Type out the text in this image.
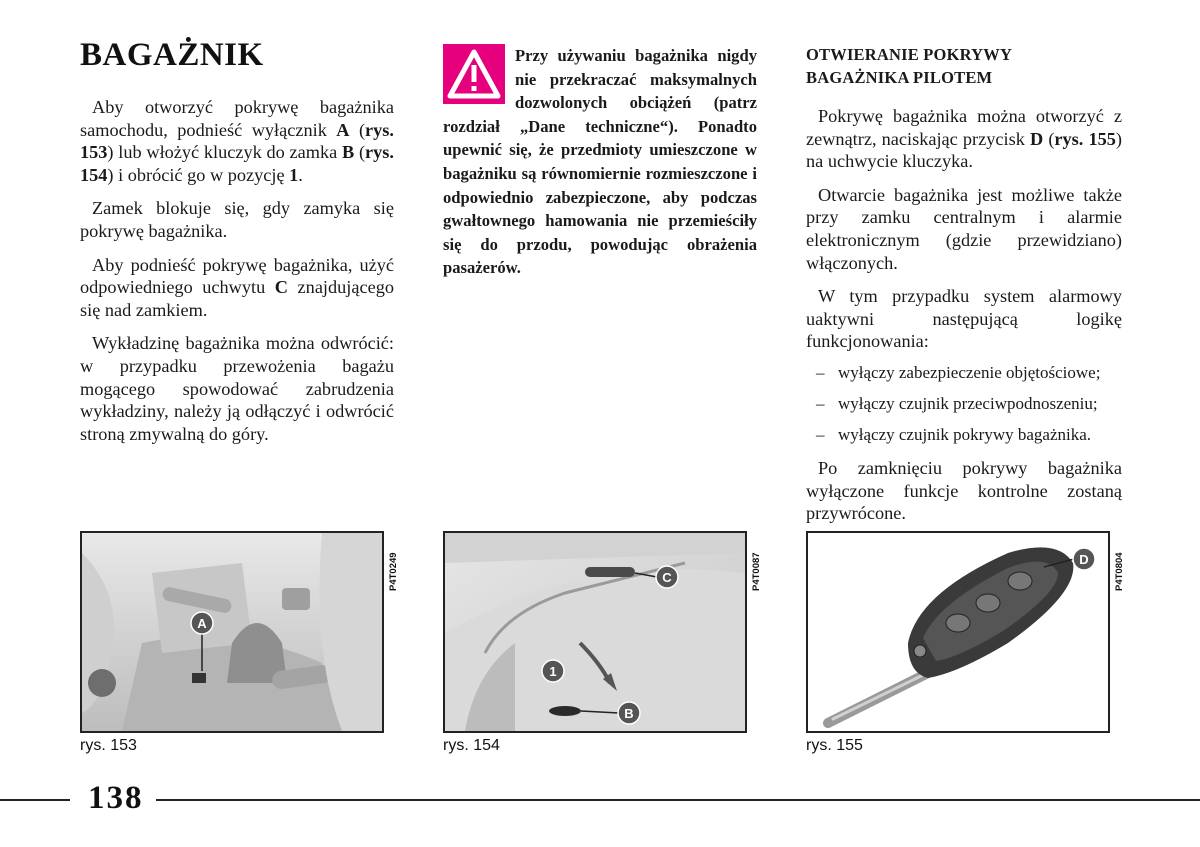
BAGAŻNIK

Aby otworzyć pokrywę bagażnika samochodu, podnieść wyłącznik A (rys. 153) lub włożyć kluczyk do zamka B (rys. 154) i obrócić go w pozycję 1.

Zamek blokuje się, gdy zamyka się pokrywę bagażnika.

Aby podnieść pokrywę bagażnika, użyć odpowiedniego uchwytu C znajdującego się nad zamkiem.

Wykładzinę bagażnika można odwrócić: w przypadku przewożenia bagażu mogącego spowodować zabrudzenia wykładziny, należy ją odłączyć i odwrócić stroną zmywalną do góry.

Przy używaniu bagażnika nigdy nie przekraczać maksymalnych dozwolonych obciążeń (patrz rozdział „Dane techniczne“). Ponadto upewnić się, że przedmioty umieszczone w bagażniku są równomiernie rozmieszczone i odpowiednio zabezpieczone, aby podczas gwałtownego hamowania nie przemieściły się do przodu, powodując obrażenia pasażerów.
OTWIERANIE POKRYWY
BAGAŻNIKA PILOTEM

Pokrywę bagażnika można otworzyć z zewnątrz, naciskając przycisk D (rys. 155) na uchwycie kluczyka.

Otwarcie bagażnika jest możliwe także przy zamku centralnym i alarmie elektronicznym (gdzie przewidziano) włączonych.

W tym przypadku system alarmowy uaktywni następującą logikę funkcjonowania:

– wyłączy zabezpieczenie objętościowe;

– wyłączy czujnik przeciwpodnoszeniu;

– wyłączy czujnik pokrywy bagażnika.

Po zamknięciu pokrywy bagażnika wyłączone funkcje kontrolne zostaną przywrócone.

A
P4T0249
rys. 153
C
1
B
P4T0087
rys. 154
D	P4T0804
rys. 155
138
